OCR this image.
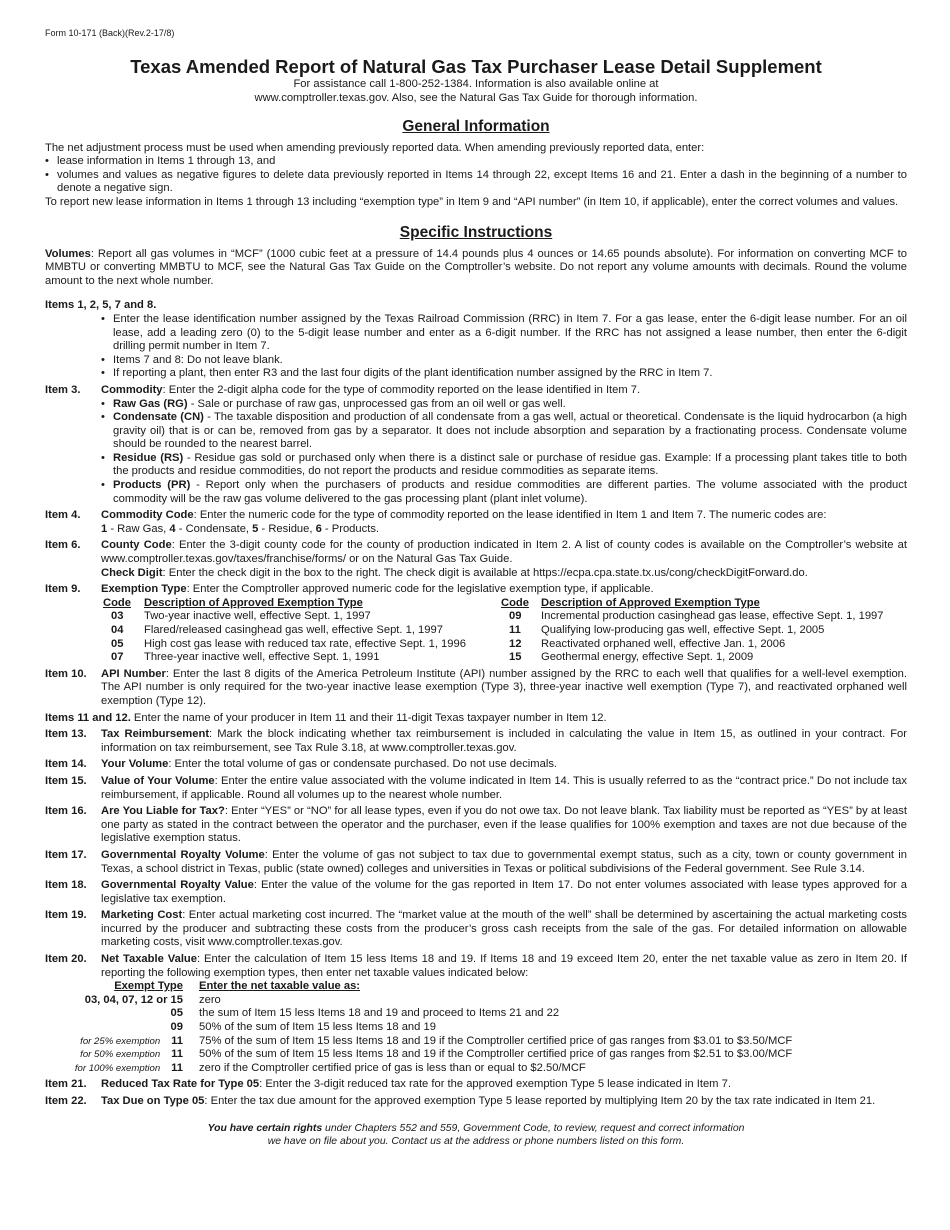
Form 10-171 (Back)(Rev.2-17/8)
Texas Amended Report of Natural Gas Tax Purchaser Lease Detail Supplement
For assistance call 1-800-252-1384. Information is also available online at
www.comptroller.texas.gov. Also, see the Natural Gas Tax Guide for thorough information.
General Information

The net adjustment process must be used when amending previously reported data. When amending previously reported data, enter:

• lease information in Items 1 through 13, and
• volumes and values as negative figures to delete data previously reported in Items 14 through 22, except Items 16 and 21. Enter a dash in the beginning of a number to denote a negative sign.

To report new lease information in Items 1 through 13 including “exemption type” in Item 9 and “API number” (in Item 10, if applicable), enter the correct volumes and values.

Specific Instructions

Volumes: Report all gas volumes in “MCF” (1000 cubic feet at a pressure of 14.4 pounds plus 4 ounces or 14.65 pounds absolute). For information on converting MCF to MMBTU or converting MMBTU to MCF, see the Natural Gas Tax Guide on the Comptroller’s website. Do not report any volume amounts with decimals. Round the volume amount to the next whole number.

Items 1, 2, 5, 7 and 8.
• Enter the lease identification number assigned by the Texas Railroad Commission (RRC) in Item 7. For a gas lease, enter the 6-digit lease number. For an oil lease, add a leading zero (0) to the 5-digit lease number and enter as a 6-digit number. If the RRC has not assigned a lease number, then enter the 6-digit drilling permit number in Item 7.
• Items 7 and 8: Do not leave blank.
• If reporting a plant, then enter R3 and the last four digits of the plant identification number assigned by the RRC in Item 7.
Item 3.	Commodity: Enter the 2-digit alpha code for the type of commodity reported on the lease identified in Item 7.
• Raw Gas (RG) - Sale or purchase of raw gas, unprocessed gas from an oil well or gas well.
• Condensate (CN) - The taxable disposition and production of all condensate from a gas well, actual or theoretical. Condensate is the liquid hydrocarbon (a high gravity oil) that is or can be, removed from gas by a separator. It does not include absorption and separation by a fractionating process. Condensate volume should be rounded to the nearest barrel.
• Residue (RS) - Residue gas sold or purchased only when there is a distinct sale or purchase of residue gas. Example: If a processing plant takes title to both the products and residue commodities, do not report the products and residue commodities as separate items.
• Products (PR) - Report only when the purchasers of products and residue commodities are different parties. The volume associated with the product commodity will be the raw gas volume delivered to the gas processing plant (plant inlet volume).
Item 4.	Commodity Code: Enter the numeric code for the type of commodity reported on the lease identified in Item 1 and Item 7. The numeric codes are:
1 - Raw Gas, 4 - Condensate, 5 - Residue, 6 - Products.
Item 6.	County Code: Enter the 3-digit county code for the county of production indicated in Item 2. A list of county codes is available on the Comptroller’s website at www.comptroller.texas.gov/taxes/franchise/forms/ or on the Natural Gas Tax Guide.
Check Digit: Enter the check digit in the box to the right. The check digit is available at https://ecpa.cpa.state.tx.us/cong/checkDigitForward.do.
Item 9.	Exemption Type: Enter the Comptroller approved numeric code for the legislative exemption type, if applicable.
Code	Description of Approved Exemption Type	Code	Description of Approved Exemption Type
03	Two-year inactive well, effective Sept. 1, 1997	09	Incremental production casinghead gas lease, effective Sept. 1, 1997
04	Flared/released casinghead gas well, effective Sept. 1, 1997	11	Qualifying low-producing gas well, effective Sept. 1, 2005
05	High cost gas lease with reduced tax rate, effective Sept. 1, 1996	12	Reactivated orphaned well, effective Jan. 1, 2006
07	Three-year inactive well, effective Sept. 1, 1991	15	Geothermal energy, effective Sept. 1, 2009
Item 10.	API Number: Enter the last 8 digits of the America Petroleum Institute (API) number assigned by the RRC to each well that qualifies for a well-level exemption. The API number is only required for the two-year inactive lease exemption (Type 3), three-year inactive well exemption (Type 7), and reactivated orphaned well exemption (Type 12).

Items 11 and 12. Enter the name of your producer in Item 11 and their 11-digit Texas taxpayer number in Item 12.

Item 13.	Tax Reimbursement: Mark the block indicating whether tax reimbursement is included in calculating the value in Item 15, as outlined in your contract. For information on tax reimbursement, see Tax Rule 3.18, at www.comptroller.texas.gov.
Item 14.	Your Volume: Enter the total volume of gas or condensate purchased. Do not use decimals.
Item 15.	Value of Your Volume: Enter the entire value associated with the volume indicated in Item 14. This is usually referred to as the “contract price.” Do not include tax reimbursement, if applicable. Round all volumes up to the nearest whole number.
Item 16.	Are You Liable for Tax?: Enter “YES” or “NO” for all lease types, even if you do not owe tax. Do not leave blank. Tax liability must be reported as “YES” by at least one party as stated in the contract between the operator and the purchaser, even if the lease qualifies for 100% exemption and taxes are not due because of the legislative exemption status.
Item 17.	Governmental Royalty Volume: Enter the volume of gas not subject to tax due to governmental exempt status, such as a city, town or county government in Texas, a school district in Texas, public (state owned) colleges and universities in Texas or political subdivisions of the Federal government. See Rule 3.14.
Item 18.	Governmental Royalty Value: Enter the value of the volume for the gas reported in Item 17. Do not enter volumes associated with lease types approved for a legislative tax exemption.
Item 19.	Marketing Cost: Enter actual marketing cost incurred. The “market value at the mouth of the well” shall be determined by ascertaining the actual marketing costs incurred by the producer and subtracting these costs from the producer’s gross cash receipts from the sale of the gas. For detailed information on allowable marketing costs, visit www.comptroller.texas.gov.
Item 20.	Net Taxable Value: Enter the calculation of Item 15 less Items 18 and 19. If Items 18 and 19 exceed Item 20, enter the net taxable value as zero in Item 20. If reporting the following exemption types, then enter net taxable values indicated below:
Exempt Type	Enter the net taxable value as:
03, 04, 07, 12 or 15	zero
05	the sum of Item 15 less Items 18 and 19 and proceed to Items 21 and 22
09	50% of the sum of Item 15 less Items 18 and 19
for 25% exemption 11	75% of the sum of Item 15 less Items 18 and 19 if the Comptroller certified price of gas ranges from $3.01 to $3.50/MCF
for 50% exemption 11	50% of the sum of Item 15 less Items 18 and 19 if the Comptroller certified price of gas ranges from $2.51 to $3.00/MCF
for 100% exemption 11	zero if the Comptroller certified price of gas is less than or equal to $2.50/MCF
Item 21.	Reduced Tax Rate for Type 05: Enter the 3-digit reduced tax rate for the approved exemption Type 5 lease indicated in Item 7.
Item 22.	Tax Due on Type 05: Enter the tax due amount for the approved exemption Type 5 lease reported by multiplying Item 20 by the tax rate indicated in Item 21.
You have certain rights under Chapters 552 and 559, Government Code, to review, request and correct information
we have on file about you. Contact us at the address or phone numbers listed on this form.
